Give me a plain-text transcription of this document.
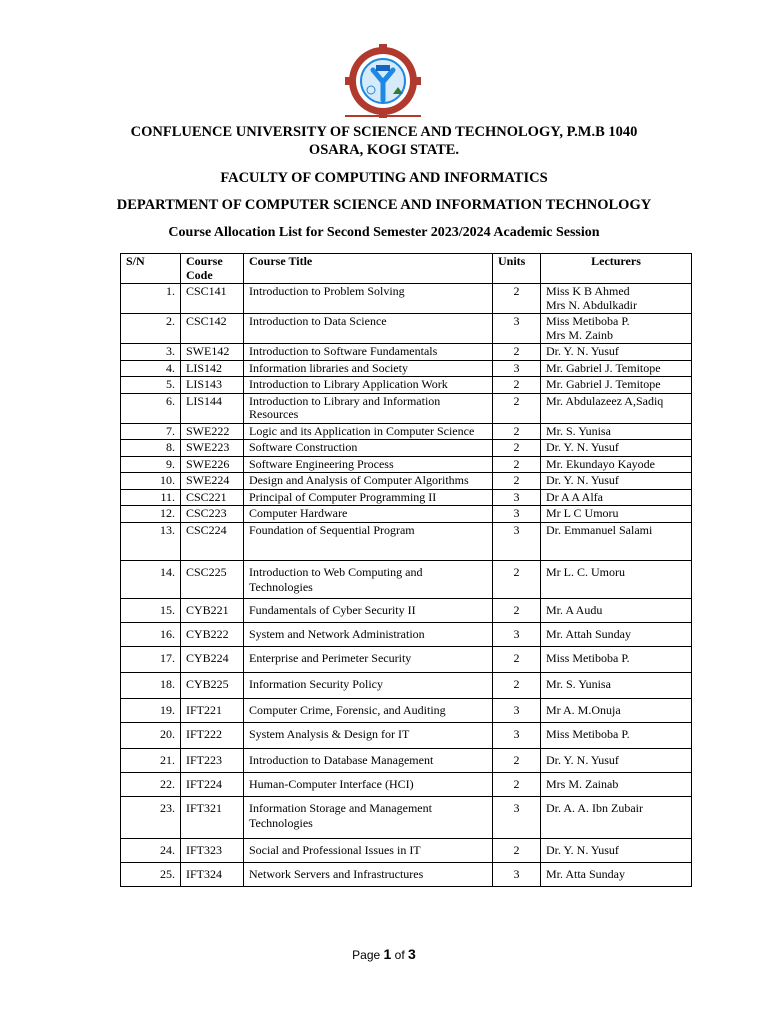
CONFLUENCE UNIVERSITY OF SCIENCE AND TECHNOLOGY, P.M.B 1040
OSARA, KOGI STATE.
FACULTY OF COMPUTING AND INFORMATICS
DEPARTMENT OF COMPUTER SCIENCE AND INFORMATION TECHNOLOGY
Course Allocation List for Second Semester 2023/2024 Academic Session
S/N	Course Code	Course Title	Units	Lecturers

1.	CSC141	Introduction to Problem Solving	2	Miss K B Ahmed
Mrs N. Abdulkadir

2.	CSC142	Introduction to Data Science	3	Miss Metiboba P.
Mrs M. Zainb

3.	SWE142	Introduction to Software Fundamentals	2	Dr. Y. N. Yusuf

4.	LIS142	Information libraries and Society	3	Mr. Gabriel J. Temitope

5.	LIS143	Introduction to Library Application Work	2	Mr. Gabriel J. Temitope

6.	LIS144	Introduction to Library and Information Resources	2	Mr. Abdulazeez A,Sadiq

7.	SWE222	Logic and its Application in Computer Science	2	Mr. S. Yunisa

8.	SWE223	Software Construction	2	Dr. Y. N. Yusuf

9.	SWE226	Software Engineering Process	2	Mr. Ekundayo Kayode

10.	SWE224	Design and Analysis of Computer Algorithms	2	Dr. Y. N. Yusuf

11.	CSC221	Principal of Computer Programming II	3	Dr A A Alfa

12.	CSC223	Computer Hardware	3	Mr L C Umoru

13.	CSC224	Foundation of Sequential Program	3	Dr. Emmanuel Salami

14.	CSC225	Introduction to Web Computing and Technologies	2	Mr L. C. Umoru

15.	CYB221	Fundamentals of Cyber Security II	2	Mr. A Audu

16.	CYB222	System and Network Administration	3	Mr. Attah Sunday

17.	CYB224	Enterprise and Perimeter Security	2	Miss Metiboba P.

18.	CYB225	Information Security Policy	2	Mr. S. Yunisa

19.	IFT221	Computer Crime, Forensic, and Auditing	3	Mr A. M.Onuja

20.	IFT222	System Analysis & Design for IT	3	Miss Metiboba P.

21.	IFT223	Introduction to Database Management	2	Dr. Y. N. Yusuf

22.	IFT224	Human-Computer Interface (HCI)	2	Mrs M. Zainab

23.	IFT321	Information Storage and Management Technologies	3	Dr. A. A. Ibn Zubair

24.	IFT323	Social and Professional Issues in IT	2	Dr. Y. N. Yusuf

25.	IFT324	Network Servers and Infrastructures	3	Mr. Atta Sunday
Page 1 of 3
